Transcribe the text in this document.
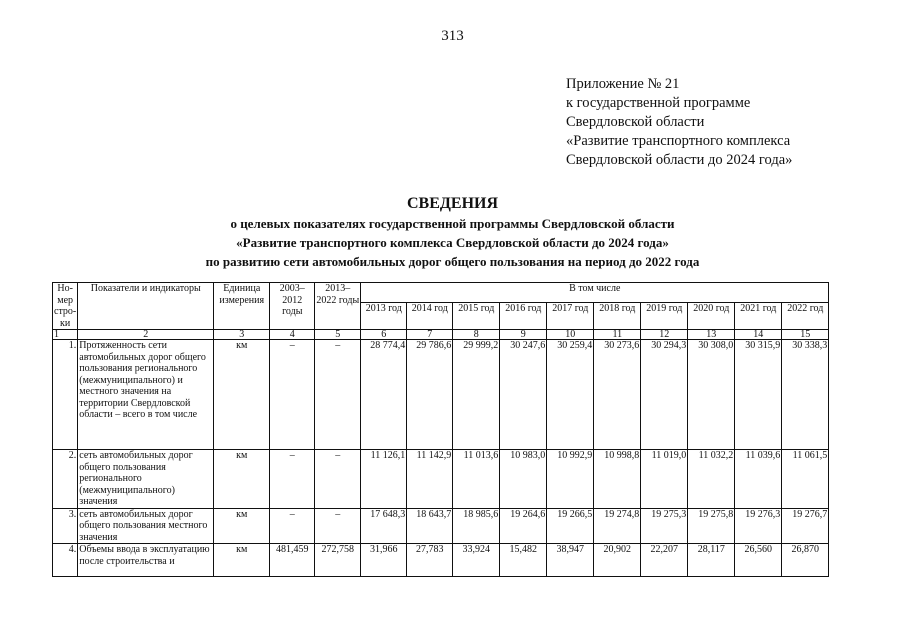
313
Приложение № 21
к государственной программе
Свердловской области
«Развитие транспортного комплекса
Свердловской области до 2024 года»
СВЕДЕНИЯ
о целевых показателях государственной программы Свердловской области
«Развитие транспортного комплекса Свердловской области до 2024 года»
по развитию сети автомобильных дорог общего пользования на период до 2022 года
Но-мер стро-ки	Показатели и индикаторы	Единица измерения	2003–2012 годы	2013–2022 годы	В том числе									
					2013 год	2014 год	2015 год	2016 год	2017 год	2018 год	2019 год	2020 год	2021 год	2022 год
1	2	3	4	5	6	7	8	9	10	11	12	13	14	15
1.	Протяженность сети автомобильных дорог общего пользования регионального (межмуниципального) и местного значения на территории Свердловской области – всего в том числе	км	–	–	28 774,4	29 786,6	29 999,2	30 247,6	30 259,4	30 273,6	30 294,3	30 308,0	30 315,9	30 338,3
2.	сеть автомобильных дорог общего пользования регионального (межмуниципального) значения	км	–	–	11 126,1	11 142,9	11 013,6	10 983,0	10 992,9	10 998,8	11 019,0	11 032,2	11 039,6	11 061,5
3.	сеть автомобильных дорог общего пользования местного значения	км	–	–	17 648,3	18 643,7	18 985,6	19 264,6	19 266,5	19 274,8	19 275,3	19 275,8	19 276,3	19 276,7
4.	Объемы ввода в эксплуатацию после строительства и	км	481,459	272,758	31,966	27,783	33,924	15,482	38,947	20,902	22,207	28,117	26,560	26,870
